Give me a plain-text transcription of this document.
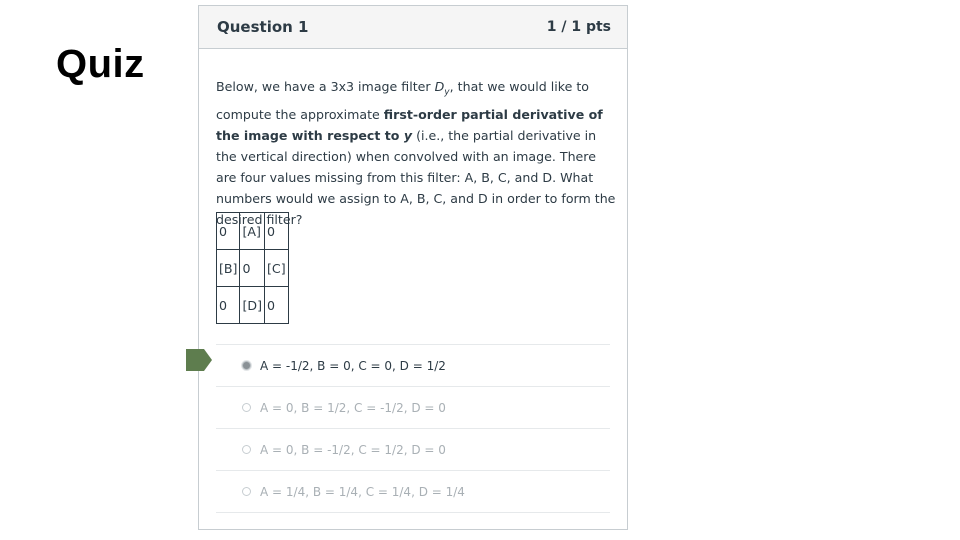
Quiz
Question 1	1 / 1 pts
Below, we have a 3x3 image filter $D_y$, that we would like to compute the approximate first-order partial derivative of the image with respect to y (i.e., the partial derivative in the vertical direction) when convolved with an image. There are four values missing from this filter: A, B, C, and D. What numbers would we assign to A, B, C, and D in order to form the desired filter?
0	[A]	0
[B]	0	[C]
0	[D]	0
A = -1/2, B = 0, C = 0, D = 1/2
A = 0, B = 1/2, C = -1/2, D = 0
A = 0, B = -1/2, C = 1/2, D = 0
A = 1/4, B = 1/4, C = 1/4, D = 1/4
